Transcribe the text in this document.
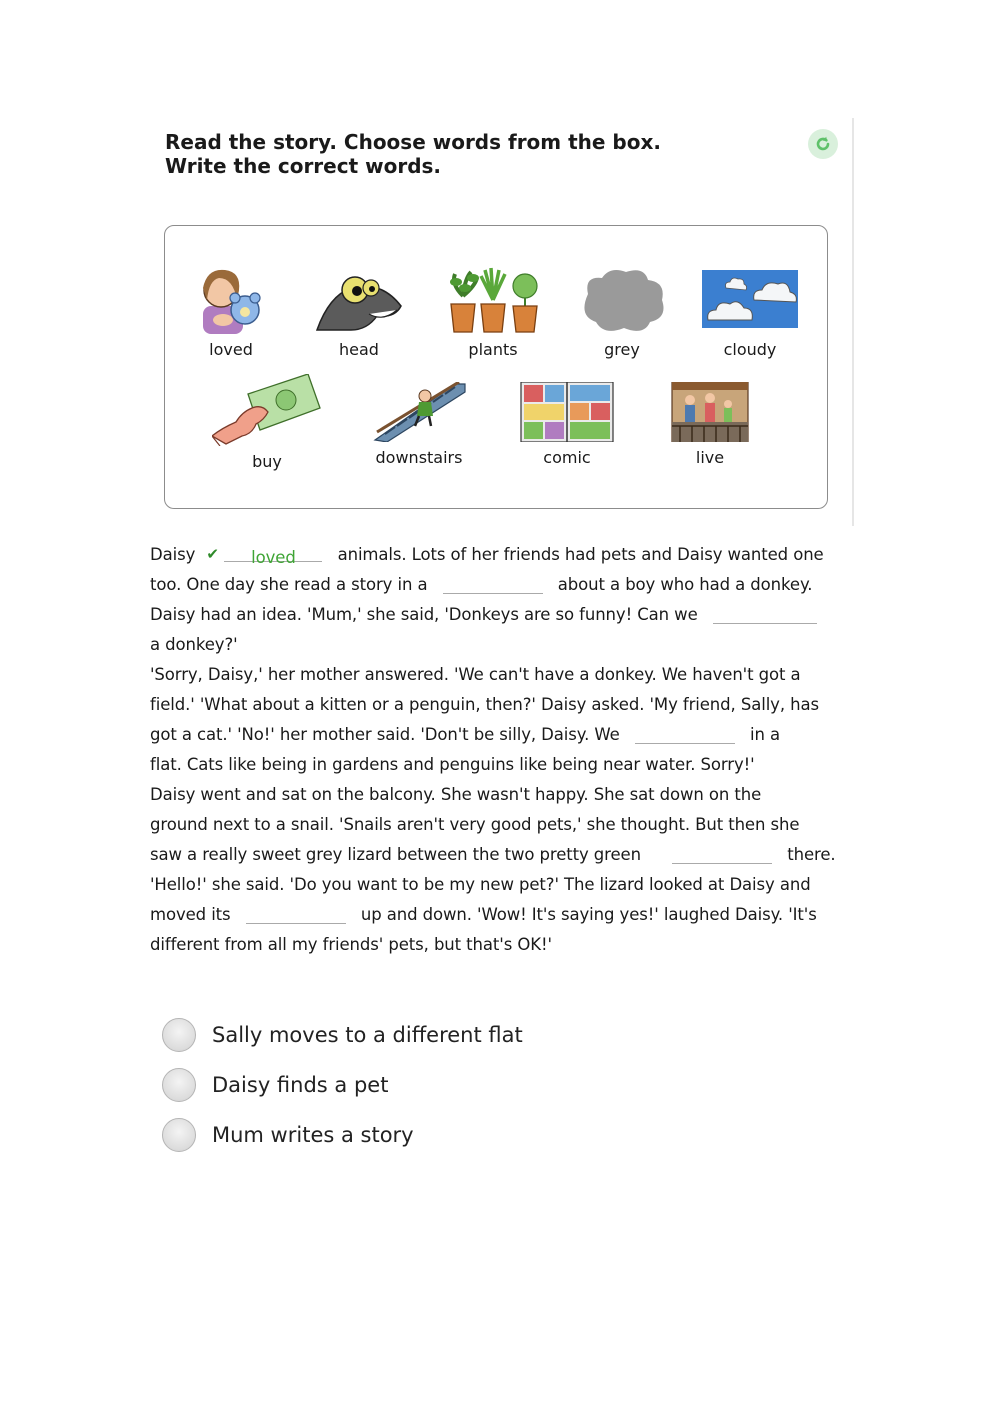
Read the story. Choose words from the box.
Write the correct words.
loved	head	plants	grey	cloudy
buy	downstairs	comic	live
Daisy ✔ loved	animals. Lots of her friends had pets and Daisy wanted one
too. One day she read a story in a	about a boy who had a donkey.
Daisy had an idea. 'Mum,' she said, 'Donkeys are so funny! Can we
a donkey?'
'Sorry, Daisy,' her mother answered. 'We can't have a donkey. We haven't got a
field.' 'What about a kitten or a penguin, then?' Daisy asked. 'My friend, Sally, has
got a cat.' 'No!' her mother said. 'Don't be silly, Daisy. We	in a
flat. Cats like being in gardens and penguins like being near water. Sorry!'
Daisy went and sat on the balcony. She wasn't happy. She sat down on the
ground next to a snail. 'Snails aren't very good pets,' she thought. But then she
saw a really sweet grey lizard between the two pretty green	there.
'Hello!' she said. 'Do you want to be my new pet?' The lizard looked at Daisy and
moved its	up and down. 'Wow! It's saying yes!' laughed Daisy. 'It's
different from all my friends' pets, but that's OK!'
Sally moves to a different flat
Daisy finds a pet
Mum writes a story
